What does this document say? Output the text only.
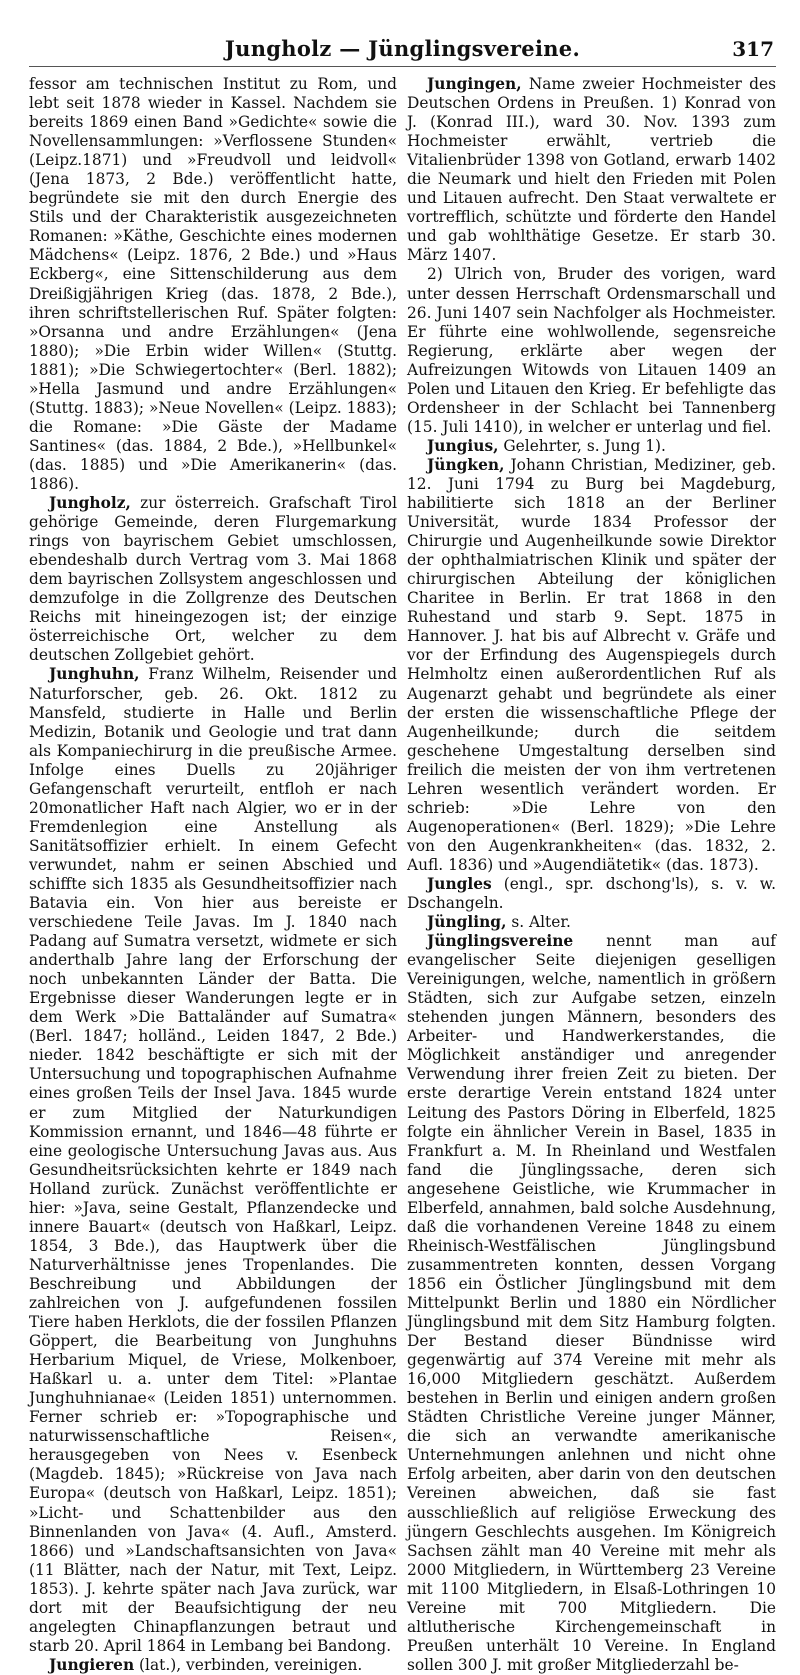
Jungholz — Jünglingsvereine.	317

fessor am technischen Institut zu Rom, und lebt seit 1878 wieder in Kassel. Nachdem sie bereits 1869 einen Band »Gedichte« sowie die Novellensammlungen: »Verflossene Stunden« (Leipz.1871) und »Freudvoll und leidvoll« (Jena 1873, 2 Bde.) veröffentlicht hatte, begründete sie mit den durch Energie des Stils und der Charakteristik ausgezeichneten Romanen: »Käthe, Geschichte eines modernen Mädchens« (Leipz. 1876, 2 Bde.) und »Haus Eckberg«, eine Sittenschilderung aus dem Dreißigjährigen Krieg (das. 1878, 2 Bde.), ihren schriftstellerischen Ruf. Später folgten: »Orsanna und andre Erzählungen« (Jena 1880); »Die Erbin wider Willen« (Stuttg. 1881); »Die Schwiegertochter« (Berl. 1882); »Hella Jasmund und andre Erzählungen« (Stuttg. 1883); »Neue Novellen« (Leipz. 1883); die Romane: »Die Gäste der Madame Santines« (das. 1884, 2 Bde.), »Hellbunkel« (das. 1885) und »Die Amerikanerin« (das. 1886).

Jungholz, zur österreich. Grafschaft Tirol gehörige Gemeinde, deren Flurgemarkung rings von bayrischem Gebiet umschlossen, ebendeshalb durch Vertrag vom 3. Mai 1868 dem bayrischen Zollsystem angeschlossen und demzufolge in die Zollgrenze des Deutschen Reichs mit hineingezogen ist; der einzige österreichische Ort, welcher zu dem deutschen Zollgebiet gehört.

Junghuhn, Franz Wilhelm, Reisender und Naturforscher, geb. 26. Okt. 1812 zu Mansfeld, studierte in Halle und Berlin Medizin, Botanik und Geologie und trat dann als Kompaniechirurg in die preußische Armee. Infolge eines Duells zu 20jähriger Gefangenschaft verurteilt, entfloh er nach 20monatlicher Haft nach Algier, wo er in der Fremdenlegion eine Anstellung als Sanitätsoffizier erhielt. In einem Gefecht verwundet, nahm er seinen Abschied und schiffte sich 1835 als Gesundheitsoffizier nach Batavia ein. Von hier aus bereiste er verschiedene Teile Javas. Im J. 1840 nach Padang auf Sumatra versetzt, widmete er sich anderthalb Jahre lang der Erforschung der noch unbekannten Länder der Batta. Die Ergebnisse dieser Wanderungen legte er in dem Werk »Die Battaländer auf Sumatra« (Berl. 1847; holländ., Leiden 1847, 2 Bde.) nieder. 1842 beschäftigte er sich mit der Untersuchung und topographischen Aufnahme eines großen Teils der Insel Java. 1845 wurde er zum Mitglied der Naturkundigen Kommission ernannt, und 1846—48 führte er eine geologische Untersuchung Javas aus. Aus Gesundheitsrücksichten kehrte er 1849 nach Holland zurück. Zunächst veröffentlichte er hier: »Java, seine Gestalt, Pflanzendecke und innere Bauart« (deutsch von Haßkarl, Leipz. 1854, 3 Bde.), das Hauptwerk über die Naturverhältnisse jenes Tropenlandes. Die Beschreibung und Abbildungen der zahlreichen von J. aufgefundenen fossilen Tiere haben Herklots, die der fossilen Pflanzen Göppert, die Bearbeitung von Junghuhns Herbarium Miquel, de Vriese, Molkenboer, Haßkarl u. a. unter dem Titel: »Plantae Junghuhnianae« (Leiden 1851) unternommen. Ferner schrieb er: »Topographische und naturwissenschaftliche Reisen«, herausgegeben von Nees v. Esenbeck (Magdeb. 1845); »Rückreise von Java nach Europa« (deutsch von Haßkarl, Leipz. 1851); »Licht- und Schattenbilder aus den Binnenlanden von Java« (4. Aufl., Amsterd. 1866) und »Landschaftsansichten von Java« (11 Blätter, nach der Natur, mit Text, Leipz. 1853). J. kehrte später nach Java zurück, war dort mit der Beaufsichtigung der neu angelegten Chinapflanzungen betraut und starb 20. April 1864 in Lembang bei Bandong.

Jungieren (lat.), verbinden, vereinigen.

Jungingen, Name zweier Hochmeister des Deutschen Ordens in Preußen. 1) Konrad von J. (Konrad III.), ward 30. Nov. 1393 zum Hochmeister erwählt, vertrieb die Vitalienbrüder 1398 von Gotland, erwarb 1402 die Neumark und hielt den Frieden mit Polen und Litauen aufrecht. Den Staat verwaltete er vortrefflich, schützte und förderte den Handel und gab wohlthätige Gesetze. Er starb 30. März 1407.

2) Ulrich von, Bruder des vorigen, ward unter dessen Herrschaft Ordensmarschall und 26. Juni 1407 sein Nachfolger als Hochmeister. Er führte eine wohlwollende, segensreiche Regierung, erklärte aber wegen der Aufreizungen Witowds von Litauen 1409 an Polen und Litauen den Krieg. Er befehligte das Ordensheer in der Schlacht bei Tannenberg (15. Juli 1410), in welcher er unterlag und fiel.

Jungius, Gelehrter, s. Jung 1).

Jüngken, Johann Christian, Mediziner, geb. 12. Juni 1794 zu Burg bei Magdeburg, habilitierte sich 1818 an der Berliner Universität, wurde 1834 Professor der Chirurgie und Augenheilkunde sowie Direktor der ophthalmiatrischen Klinik und später der chirurgischen Abteilung der königlichen Charitee in Berlin. Er trat 1868 in den Ruhestand und starb 9. Sept. 1875 in Hannover. J. hat bis auf Albrecht v. Gräfe und vor der Erfindung des Augenspiegels durch Helmholtz einen außerordentlichen Ruf als Augenarzt gehabt und begründete als einer der ersten die wissenschaftliche Pflege der Augenheilkunde; durch die seitdem geschehene Umgestaltung derselben sind freilich die meisten der von ihm vertretenen Lehren wesentlich verändert worden. Er schrieb: »Die Lehre von den Augenoperationen« (Berl. 1829); »Die Lehre von den Augenkrankheiten« (das. 1832, 2. Aufl. 1836) und »Augendiätetik« (das. 1873).

Jungles (engl., spr. dschong'ls), s. v. w. Dschangeln.

Jüngling, s. Alter.

Jünglingsvereine nennt man auf evangelischer Seite diejenigen geselligen Vereinigungen, welche, namentlich in größern Städten, sich zur Aufgabe setzen, einzeln stehenden jungen Männern, besonders des Arbeiter- und Handwerkerstandes, die Möglichkeit anständiger und anregender Verwendung ihrer freien Zeit zu bieten. Der erste derartige Verein entstand 1824 unter Leitung des Pastors Döring in Elberfeld, 1825 folgte ein ähnlicher Verein in Basel, 1835 in Frankfurt a. M. In Rheinland und Westfalen fand die Jünglingssache, deren sich angesehene Geistliche, wie Krummacher in Elberfeld, annahmen, bald solche Ausdehnung, daß die vorhandenen Vereine 1848 zu einem Rheinisch-Westfälischen Jünglingsbund zusammentreten konnten, dessen Vorgang 1856 ein Östlicher Jünglingsbund mit dem Mittelpunkt Berlin und 1880 ein Nördlicher Jünglingsbund mit dem Sitz Hamburg folgten. Der Bestand dieser Bündnisse wird gegenwärtig auf 374 Vereine mit mehr als 16,000 Mitgliedern geschätzt. Außerdem bestehen in Berlin und einigen andern großen Städten Christliche Vereine junger Männer, die sich an verwandte amerikanische Unternehmungen anlehnen und nicht ohne Erfolg arbeiten, aber darin von den deutschen Vereinen abweichen, daß sie fast ausschließlich auf religiöse Erweckung des jüngern Geschlechts ausgehen. Im Königreich Sachsen zählt man 40 Vereine mit mehr als 2000 Mitgliedern, in Württemberg 23 Vereine mit 1100 Mitgliedern, in Elsaß-Lothringen 10 Vereine mit 700 Mitgliedern. Die altlutherische Kirchengemeinschaft in Preußen unterhält 10 Vereine. In England sollen 300 J. mit großer Mitgliederzahl be-
